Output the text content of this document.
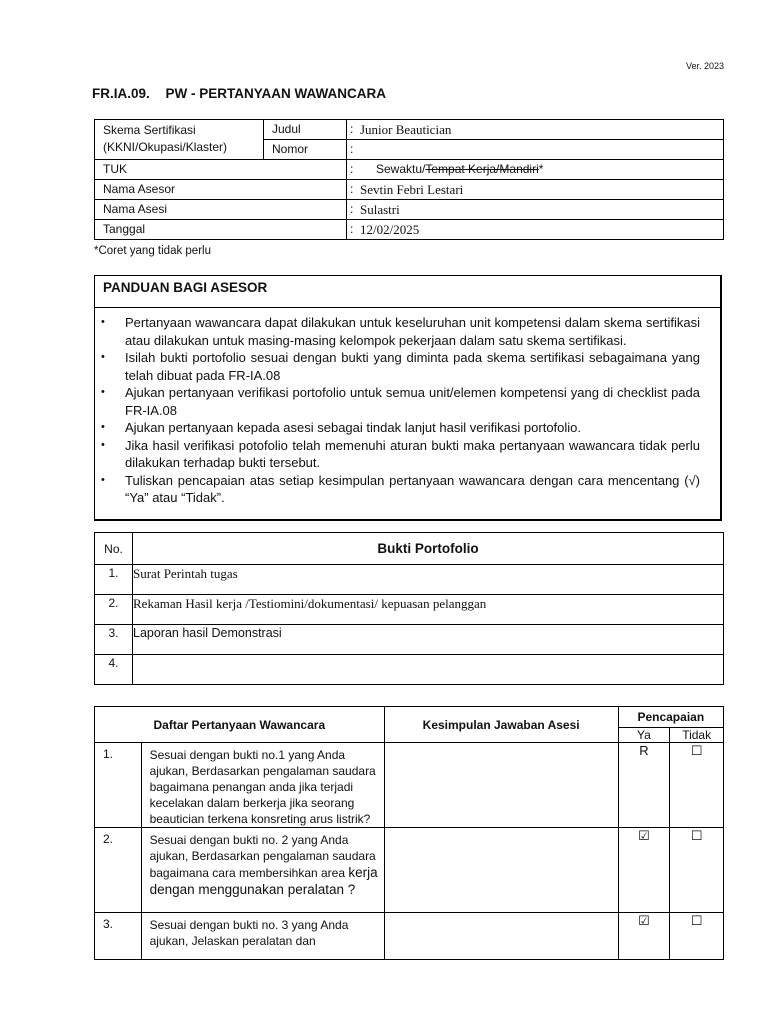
Ver. 2023
FR.IA.09. PW - PERTANYAAN WAWANCARA
Skema Sertifikasi (KKNI/Okupasi/Klaster)	Judul	:	Junior Beautician
	Nomor	:	
TUK		:	Sewaktu/Tempat Kerja/Mandiri*
Nama Asesor		:	Sevtin Febri Lestari
Nama Asesi		:	Sulastri
Tanggal		:	12/02/2025
*Coret yang tidak perlu
PANDUAN BAGI ASESOR
• Pertanyaan wawancara dapat dilakukan untuk keseluruhan unit kompetensi dalam skema sertifikasi atau dilakukan untuk masing-masing kelompok pekerjaan dalam satu skema sertifikasi.
• Isilah bukti portofolio sesuai dengan bukti yang diminta pada skema sertifikasi sebagaimana yang telah dibuat pada FR-IA.08
• Ajukan pertanyaan verifikasi portofolio untuk semua unit/elemen kompetensi yang di checklist pada FR-IA.08
• Ajukan pertanyaan kepada asesi sebagai tindak lanjut hasil verifikasi portofolio.
• Jika hasil verifikasi potofolio telah memenuhi aturan bukti maka pertanyaan wawancara tidak perlu dilakukan terhadap bukti tersebut.
• Tuliskan pencapaian atas setiap kesimpulan pertanyaan wawancara dengan cara mencentang (√) “Ya” atau “Tidak”.
No.	Bukti Portofolio
1.	Surat Perintah tugas
2.	Rekaman Hasil kerja /Testiomini/dokumentasi/ kepuasan pelanggan
3.	Laporan hasil Demonstrasi
4.	
Daftar Pertanyaan Wawancara		Kesimpulan Jawaban Asesi	Pencapaian	
			Ya	Tidak
1.	Sesuai dengan bukti no.1 yang Anda ajukan, Berdasarkan pengalaman saudara bagaimana penangan anda jika terjadi kecelakan dalam berkerja jika seorang beautician terkena konsreting arus listrik?		R	☐
2.	Sesuai dengan bukti no. 2 yang Anda ajukan, Berdasarkan pengalaman saudara bagaimana cara membersihkan area kerja dengan menggunakan peralatan ?		☑	☐
3.	Sesuai dengan bukti no. 3 yang Anda ajukan, Jelaskan peralatan dan		☑	☐
